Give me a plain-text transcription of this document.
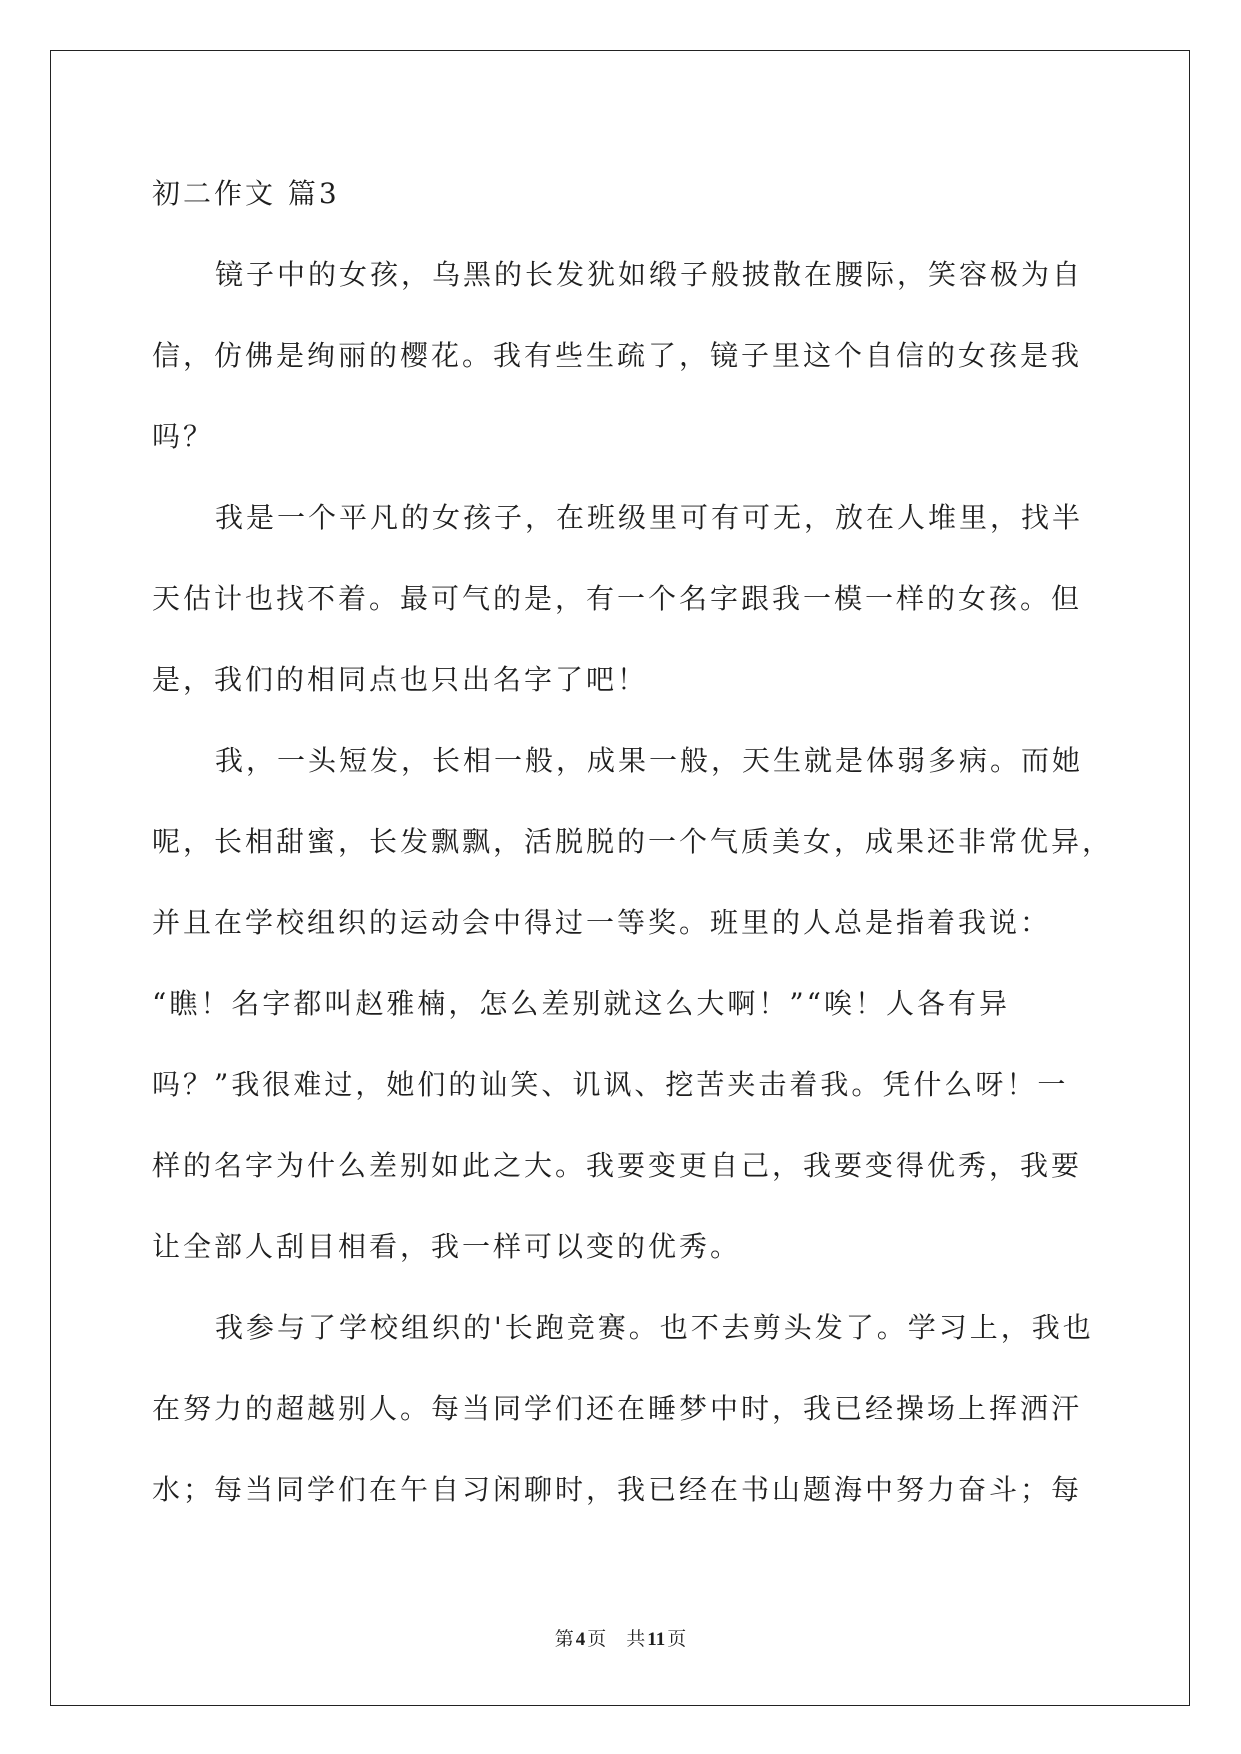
初二作文 篇3
镜子中的女孩，乌黑的长发犹如缎子般披散在腰际，笑容极为自
信，仿佛是绚丽的樱花。我有些生疏了，镜子里这个自信的女孩是我
吗？
我是一个平凡的女孩子，在班级里可有可无，放在人堆里，找半
天估计也找不着。最可气的是，有一个名字跟我一模一样的女孩。但
是，我们的相同点也只出名字了吧！
我，一头短发，长相一般，成果一般，天生就是体弱多病。而她
呢，长相甜蜜，长发飘飘，活脱脱的一个气质美女，成果还非常优异，
并且在学校组织的运动会中得过一等奖。班里的人总是指着我说：
“瞧！名字都叫赵雅楠，怎么差别就这么大啊！”“唉！人各有异
吗？”我很难过，她们的讪笑、讥讽、挖苦夹击着我。凭什么呀！一
样的名字为什么差别如此之大。我要变更自己，我要变得优秀，我要
让全部人刮目相看，我一样可以变的优秀。
我参与了学校组织的'长跑竞赛。也不去剪头发了。学习上，我也
在努力的超越别人。每当同学们还在睡梦中时，我已经操场上挥洒汗
水；每当同学们在午自习闲聊时，我已经在书山题海中努力奋斗；每
第 4 页 共 11 页
